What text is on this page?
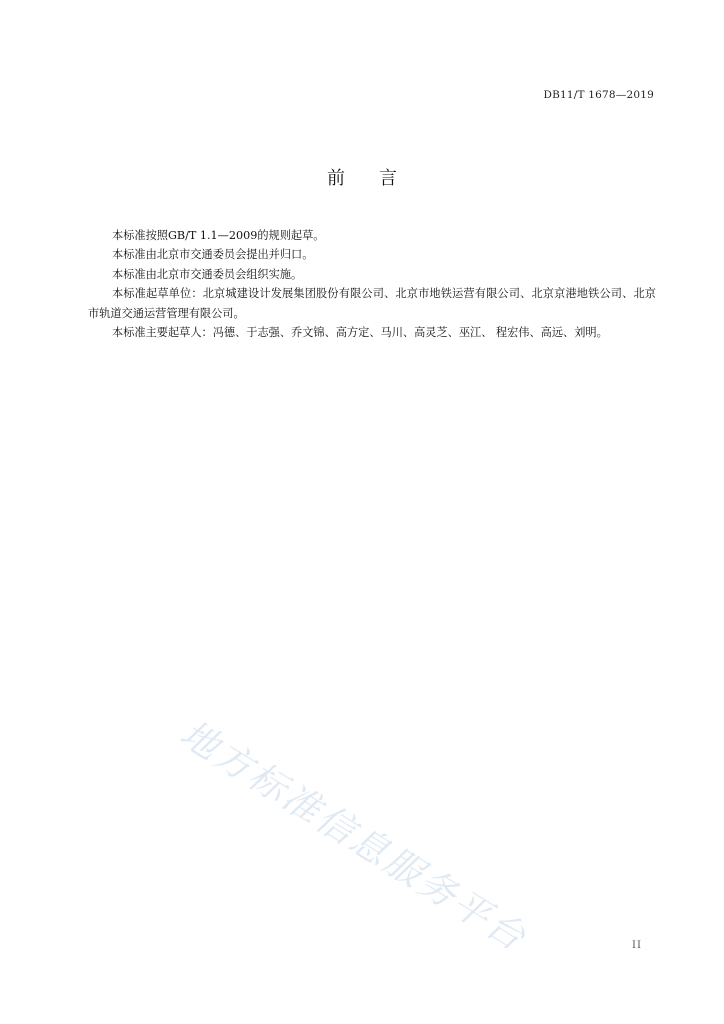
DB11/T 1678—2019
前言

本标准按照GB/T 1.1—2009的规则起草。

本标准由北京市交通委员会提出并归口。

本标准由北京市交通委员会组织实施。

本标准起草单位：北京城建设计发展集团股份有限公司、北京市地铁运营有限公司、北京京港地铁公司、北京市轨道交通运营管理有限公司。

本标准主要起草人：冯德、于志强、乔文锦、高方定、马川、高灵芝、巫江、 程宏伟、高远、刘明。

地方标准信息服务平台	II
